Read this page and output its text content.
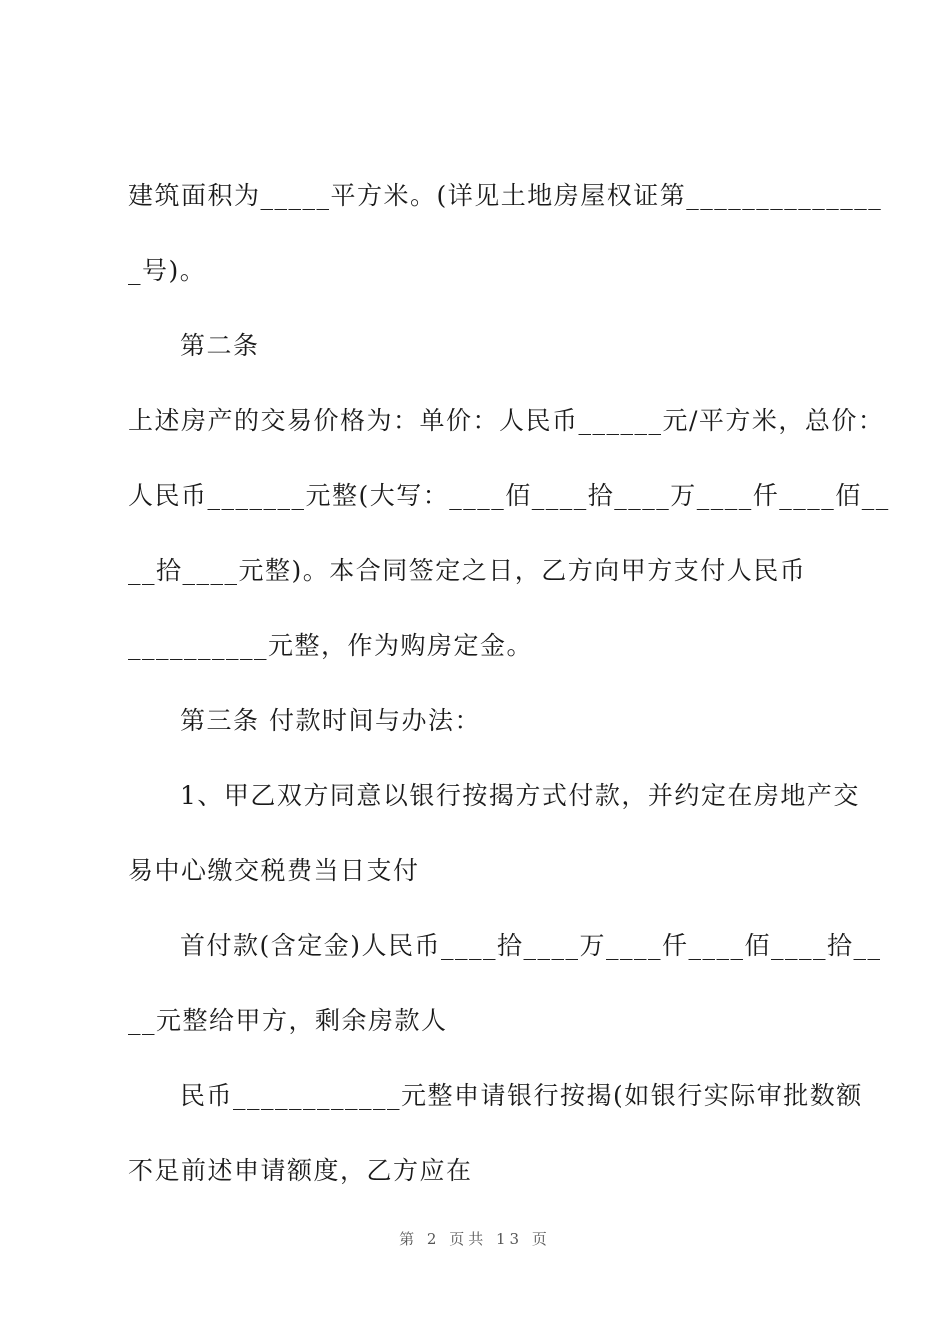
建筑面积为_____平方米。(详见土地房屋权证第______________
_号)。
第二条
上述房产的交易价格为：单价：人民币______元/平方米，总价：
人民币_______元整(大写：____佰____拾____万____仟____佰__
__拾____元整)。本合同签定之日，乙方向甲方支付人民币
__________元整，作为购房定金。
第三条 付款时间与办法：
1、甲乙双方同意以银行按揭方式付款，并约定在房地产交
易中心缴交税费当日支付
首付款(含定金)人民币____拾____万____仟____佰____拾__
__元整给甲方，剩余房款人
民币____________元整申请银行按揭(如银行实际审批数额
不足前述申请额度，乙方应在
第 2 页共 13 页
